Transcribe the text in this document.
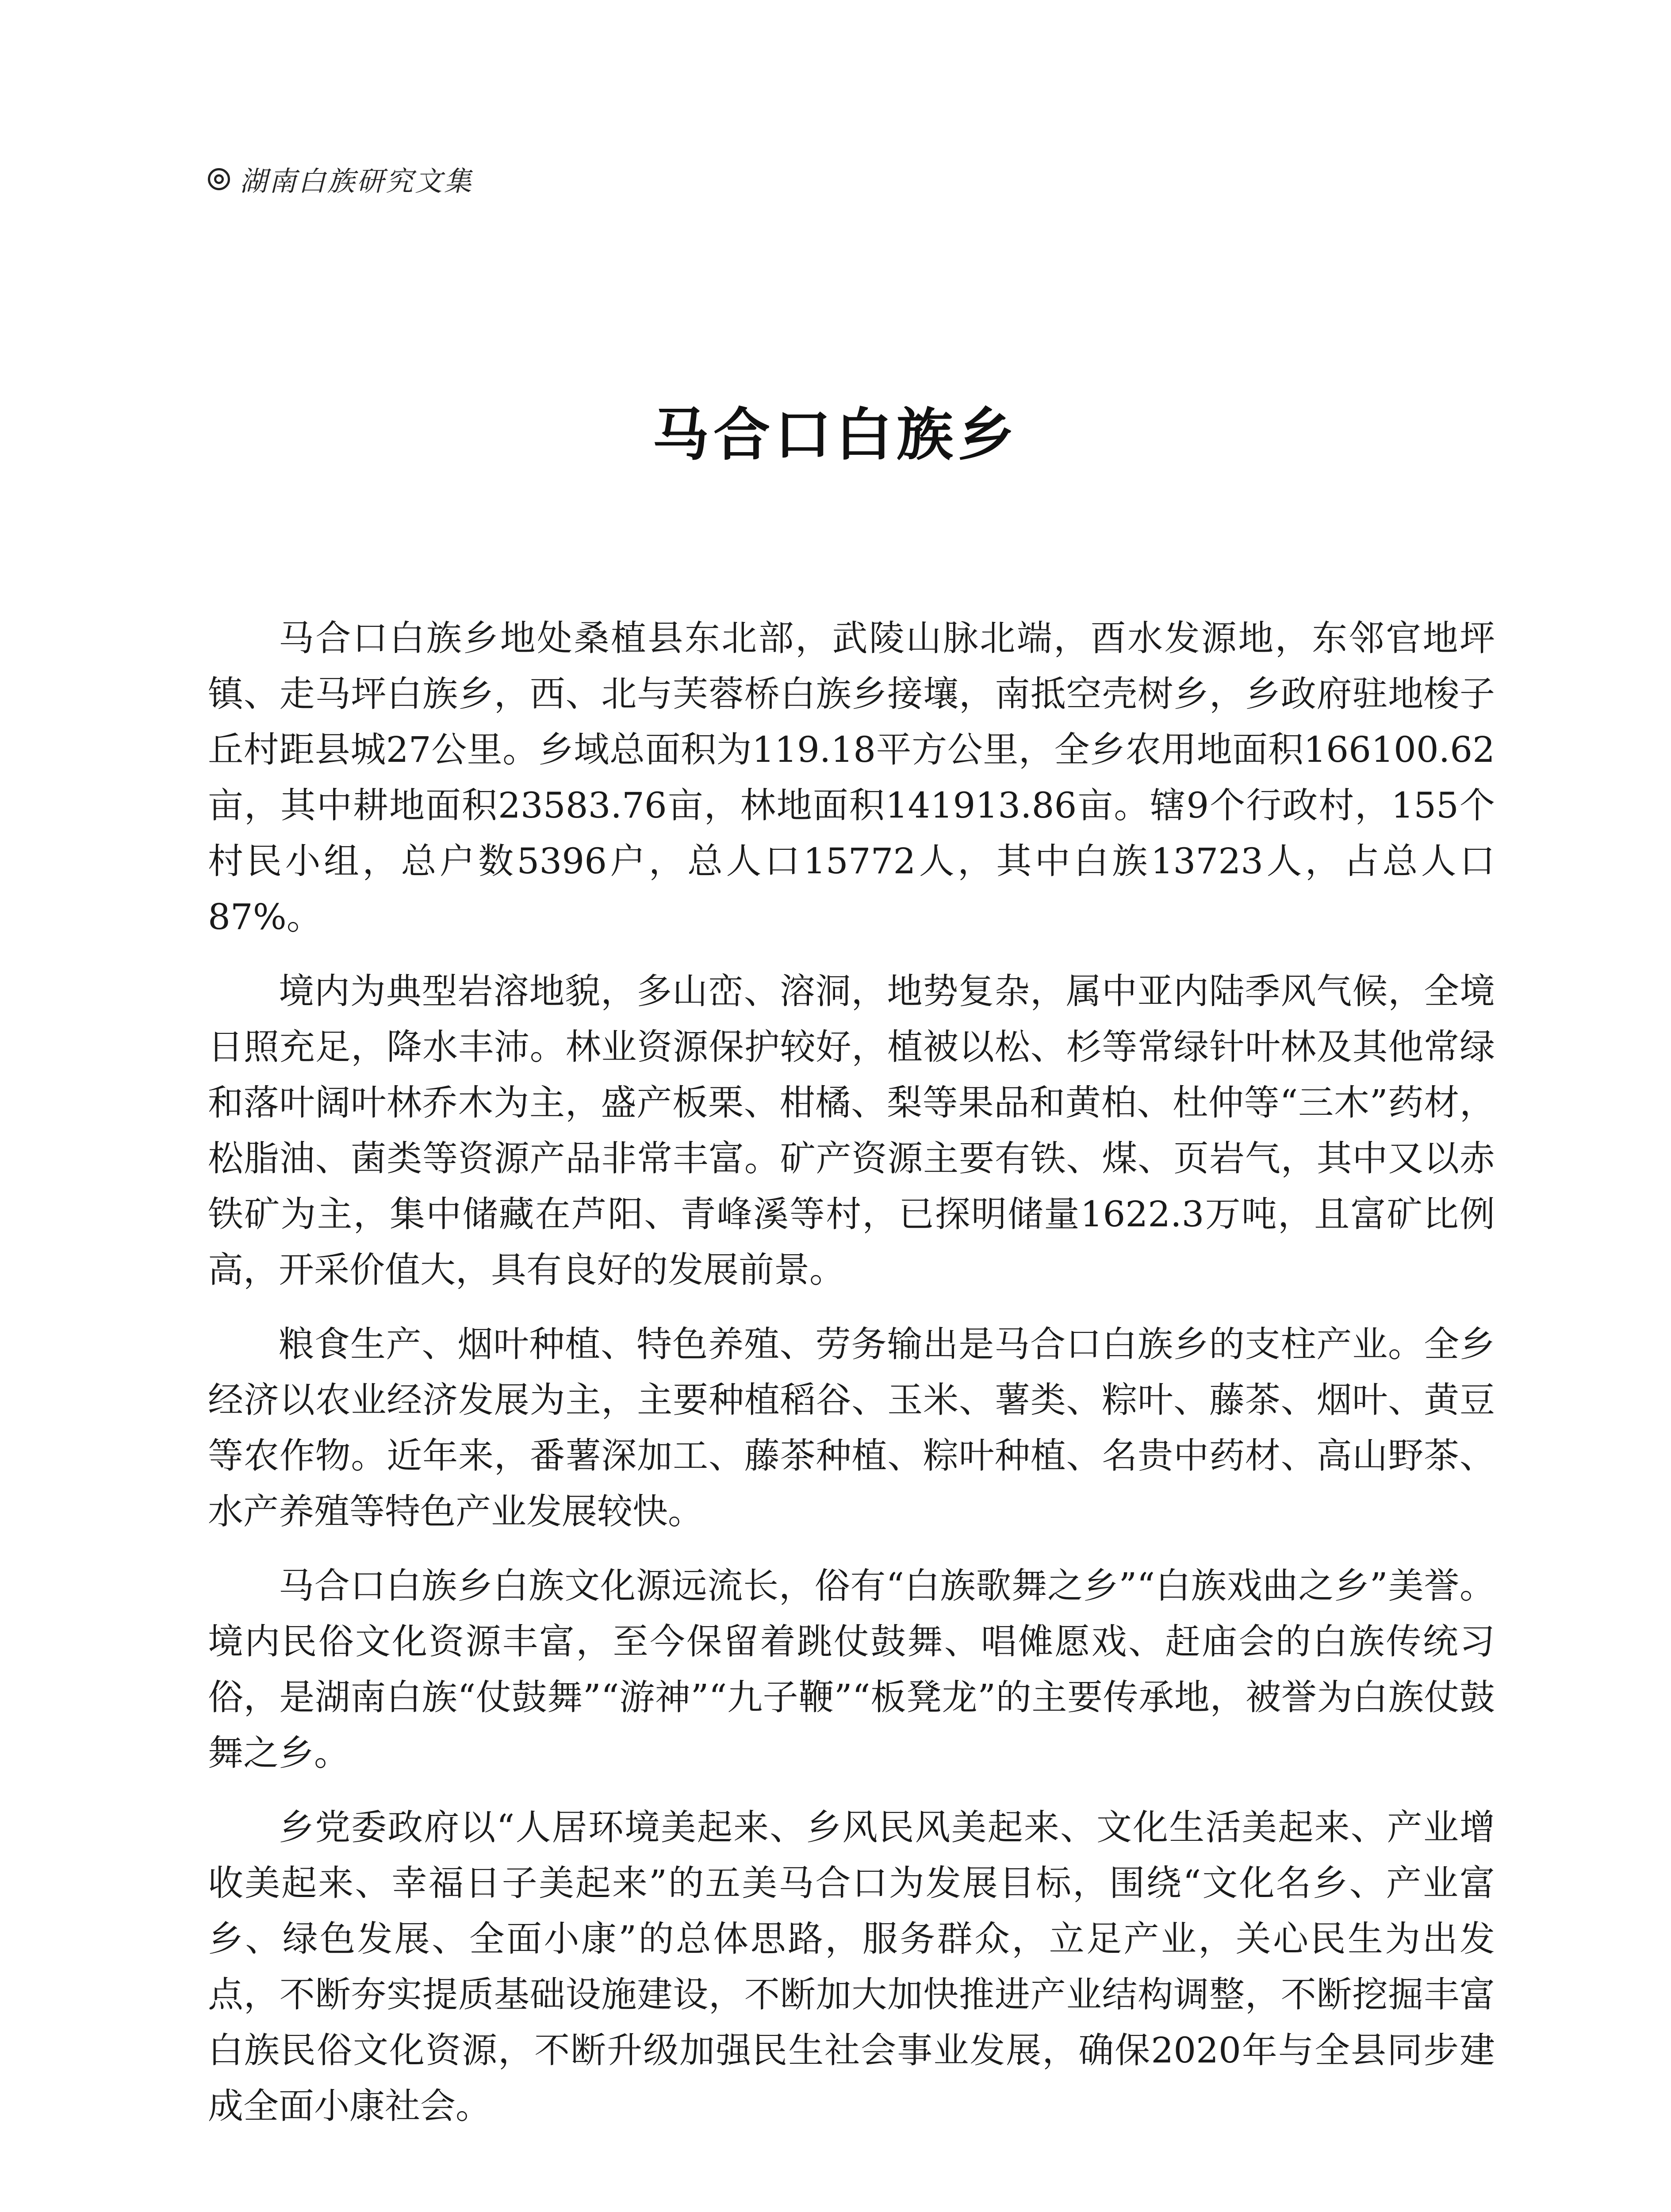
湖南白族研究文集
马合口白族乡

马合口白族乡地处桑植县东北部，武陵山脉北端，酉水发源地，东邻官地坪镇、走马坪白族乡，西、北与芙蓉桥白族乡接壤，南抵空壳树乡，乡政府驻地梭子丘村距县城27公里。乡域总面积为119.18平方公里，全乡农用地面积166100.62亩，其中耕地面积23583.76亩，林地面积141913.86亩。辖9个行政村，155个村民小组，总户数5396户，总人口15772人，其中白族13723人，占总人口87%。

境内为典型岩溶地貌，多山峦、溶洞，地势复杂，属中亚内陆季风气候，全境日照充足，降水丰沛。林业资源保护较好，植被以松、杉等常绿针叶林及其他常绿和落叶阔叶林乔木为主，盛产板栗、柑橘、梨等果品和黄柏、杜仲等“三木”药材，松脂油、菌类等资源产品非常丰富。矿产资源主要有铁、煤、页岩气，其中又以赤铁矿为主，集中储藏在芦阳、青峰溪等村，已探明储量1622.3万吨，且富矿比例高，开采价值大，具有良好的发展前景。

粮食生产、烟叶种植、特色养殖、劳务输出是马合口白族乡的支柱产业。全乡经济以农业经济发展为主，主要种植稻谷、玉米、薯类、粽叶、藤茶、烟叶、黄豆等农作物。近年来，番薯深加工、藤茶种植、粽叶种植、名贵中药材、高山野茶、水产养殖等特色产业发展较快。

马合口白族乡白族文化源远流长，俗有“白族歌舞之乡”“白族戏曲之乡”美誉。境内民俗文化资源丰富，至今保留着跳仗鼓舞、唱傩愿戏、赶庙会的白族传统习俗，是湖南白族“仗鼓舞”“游神”“九子鞭”“板凳龙”的主要传承地，被誉为白族仗鼓舞之乡。

乡党委政府以“人居环境美起来、乡风民风美起来、文化生活美起来、产业增收美起来、幸福日子美起来”的五美马合口为发展目标，围绕“文化名乡、产业富乡、绿色发展、全面小康”的总体思路，服务群众，立足产业，关心民生为出发点，不断夯实提质基础设施建设，不断加大加快推进产业结构调整，不断挖掘丰富白族民俗文化资源，不断升级加强民生社会事业发展，确保2020年与全县同步建成全面小康社会。
